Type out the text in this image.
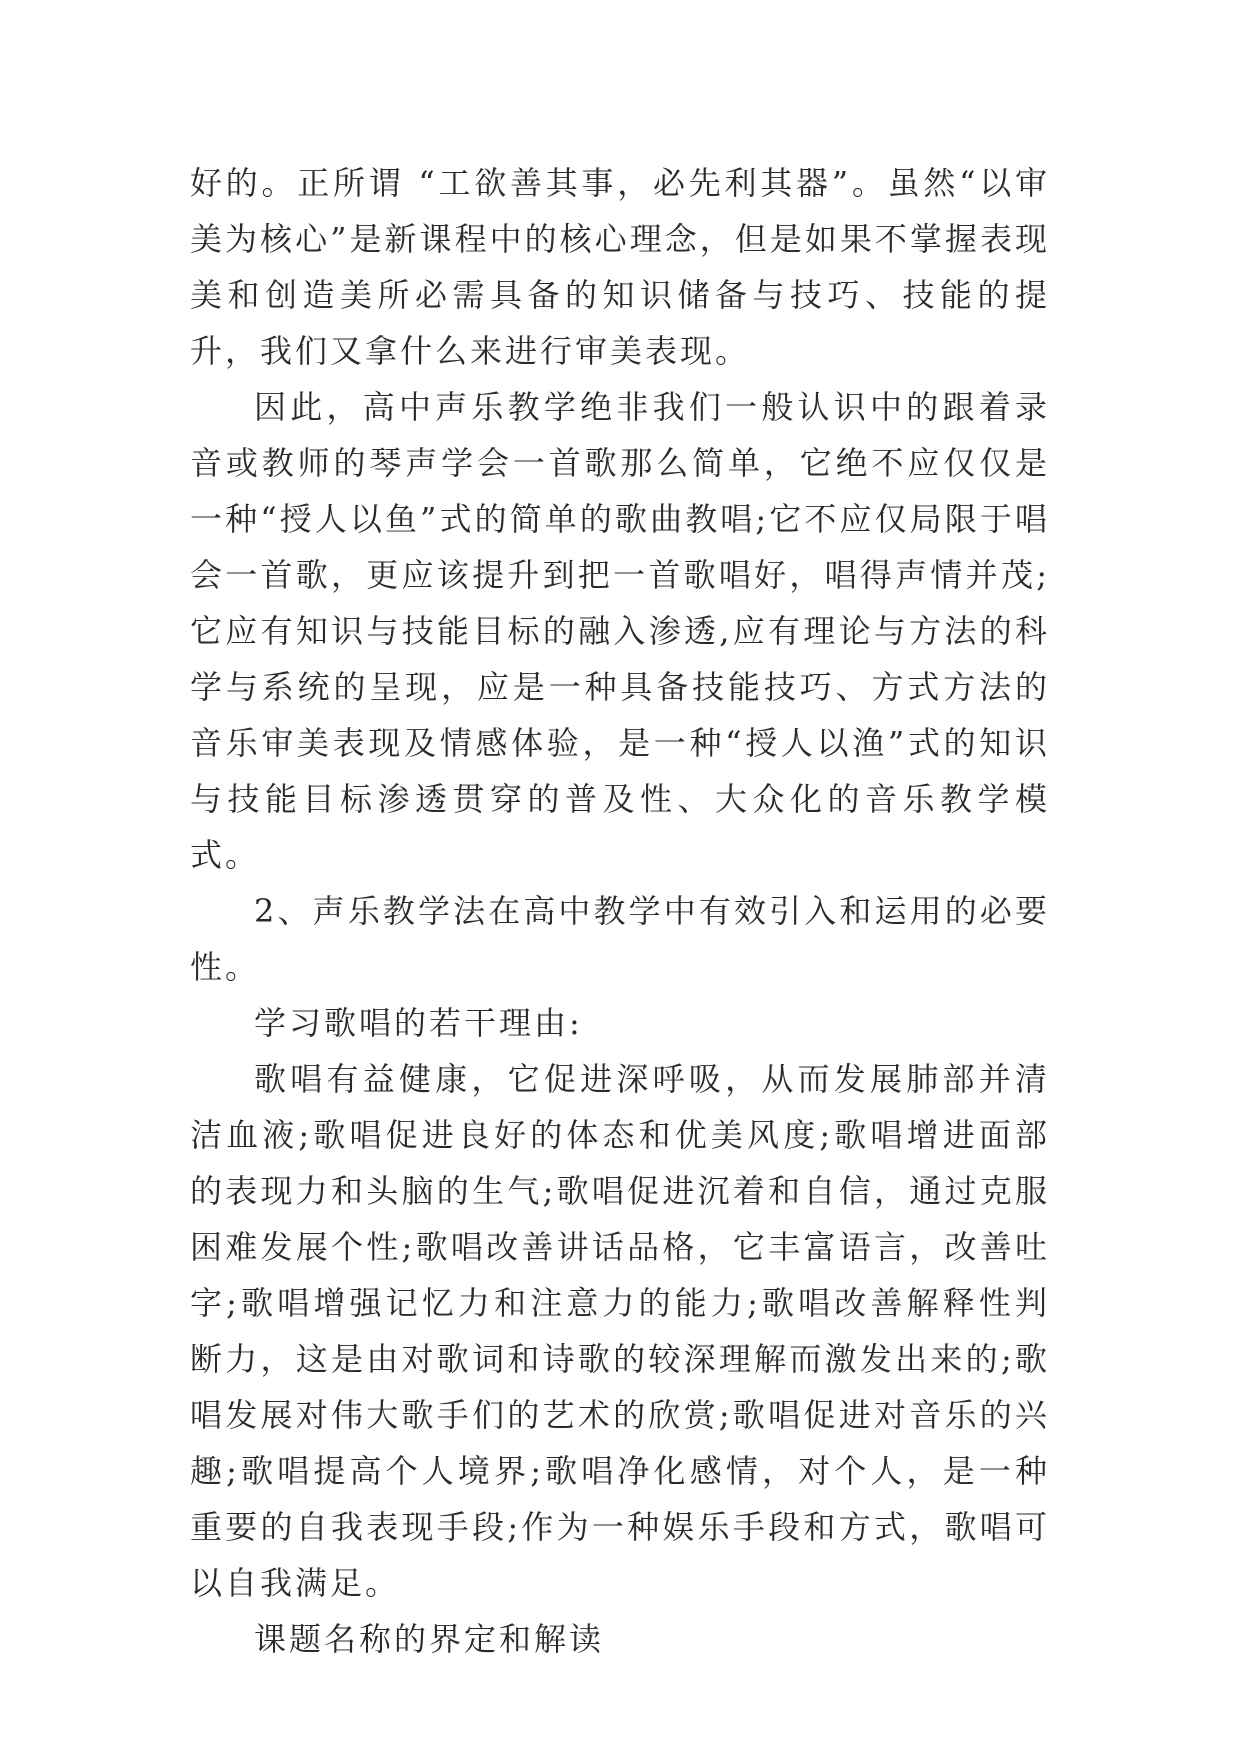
好的。正所谓 “工欲善其事，必先利其器”。虽然“以审美为核心”是新课程中的核心理念，但是如果不掌握表现美和创造美所必需具备的知识储备与技巧、技能的提升，我们又拿什么来进行审美表现。

因此，高中声乐教学绝非我们一般认识中的跟着录音或教师的琴声学会一首歌那么简单，它绝不应仅仅是一种“授人以鱼”式的简单的歌曲教唱;它不应仅局限于唱会一首歌，更应该提升到把一首歌唱好，唱得声情并茂;它应有知识与技能目标的融入渗透,应有理论与方法的科学与系统的呈现，应是一种具备技能技巧、方式方法的音乐审美表现及情感体验，是一种“授人以渔”式的知识与技能目标渗透贯穿的普及性、大众化的音乐教学模式。

2、声乐教学法在高中教学中有效引入和运用的必要性。

学习歌唱的若干理由:

歌唱有益健康，它促进深呼吸，从而发展肺部并清洁血液;歌唱促进良好的体态和优美风度;歌唱增进面部的表现力和头脑的生气;歌唱促进沉着和自信，通过克服困难发展个性;歌唱改善讲话品格，它丰富语言，改善吐字;歌唱增强记忆力和注意力的能力;歌唱改善解释性判断力，这是由对歌词和诗歌的较深理解而激发出来的;歌唱发展对伟大歌手们的艺术的欣赏;歌唱促进对音乐的兴趣;歌唱提高个人境界;歌唱净化感情，对个人，是一种重要的自我表现手段;作为一种娱乐手段和方式，歌唱可以自我满足。

课题名称的界定和解读
